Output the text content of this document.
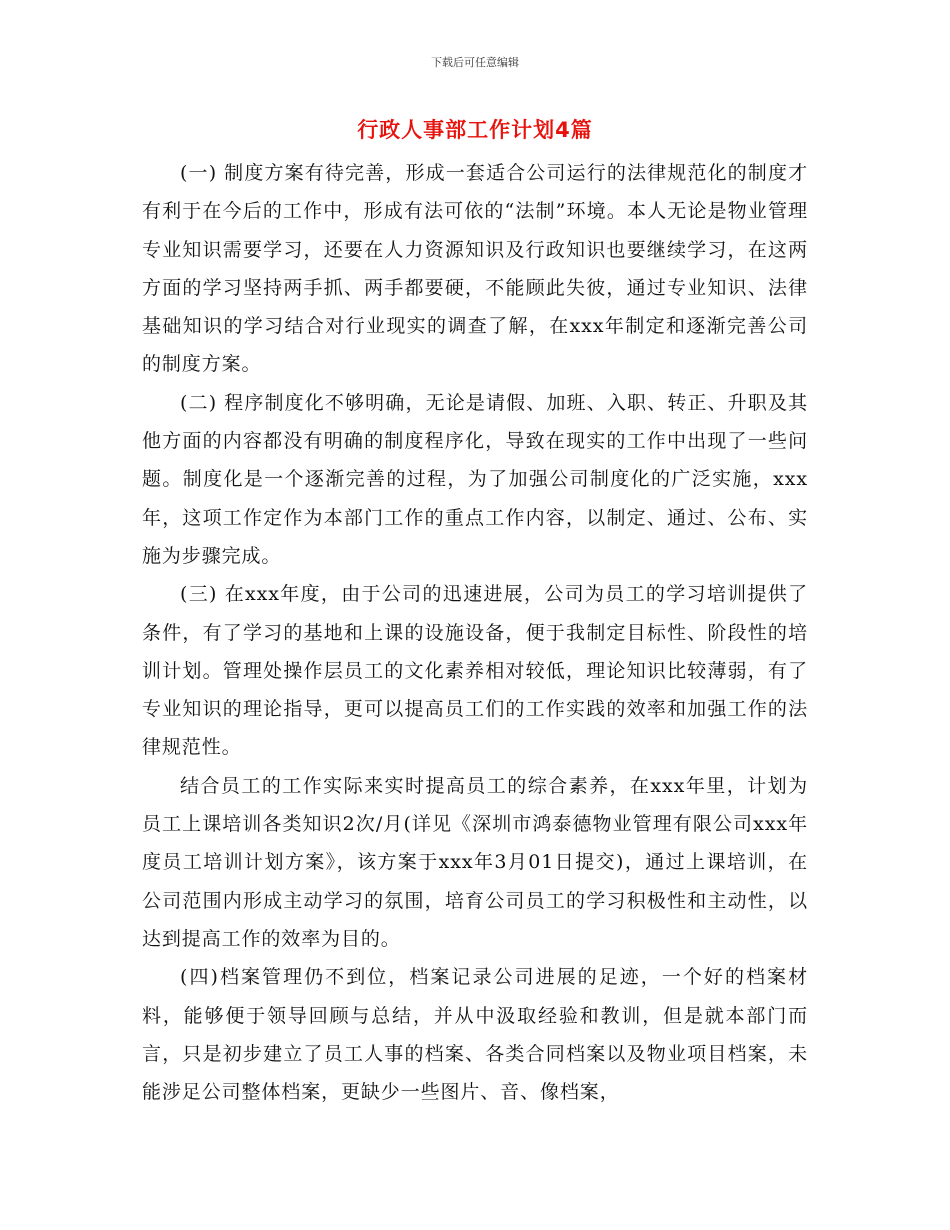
下载后可任意编辑
行政人事部工作计划4篇

(一) 制度方案有待完善，形成一套适合公司运行的法律规范化的制度才有利于在今后的工作中，形成有法可依的“法制”环境。本人无论是物业管理专业知识需要学习，还要在人力资源知识及行政知识也要继续学习，在这两方面的学习坚持两手抓、两手都要硬，不能顾此失彼，通过专业知识、法律基础知识的学习结合对行业现实的调查了解，在xxx年制定和逐渐完善公司的制度方案。

(二) 程序制度化不够明确，无论是请假、加班、入职、转正、升职及其他方面的内容都没有明确的制度程序化，导致在现实的工作中出现了一些问题。制度化是一个逐渐完善的过程，为了加强公司制度化的广泛实施，xxx年，这项工作定作为本部门工作的重点工作内容，以制定、通过、公布、实施为步骤完成。

(三) 在xxx年度，由于公司的迅速进展，公司为员工的学习培训提供了条件，有了学习的基地和上课的设施设备，便于我制定目标性、阶段性的培训计划。管理处操作层员工的文化素养相对较低，理论知识比较薄弱，有了专业知识的理论指导，更可以提高员工们的工作实践的效率和加强工作的法律规范性。

结合员工的工作实际来实时提高员工的综合素养，在xxx年里，计划为员工上课培训各类知识2次/月(详见《深圳市鸿泰德物业管理有限公司xxx年度员工培训计划方案》，该方案于xxx年3月01日提交)，通过上课培训，在公司范围内形成主动学习的氛围，培育公司员工的学习积极性和主动性，以达到提高工作的效率为目的。

(四)档案管理仍不到位，档案记录公司进展的足迹，一个好的档案材料，能够便于领导回顾与总结，并从中汲取经验和教训，但是就本部门而言，只是初步建立了员工人事的档案、各类合同档案以及物业项目档案，未能涉足公司整体档案，更缺少一些图片、音、像档案，
